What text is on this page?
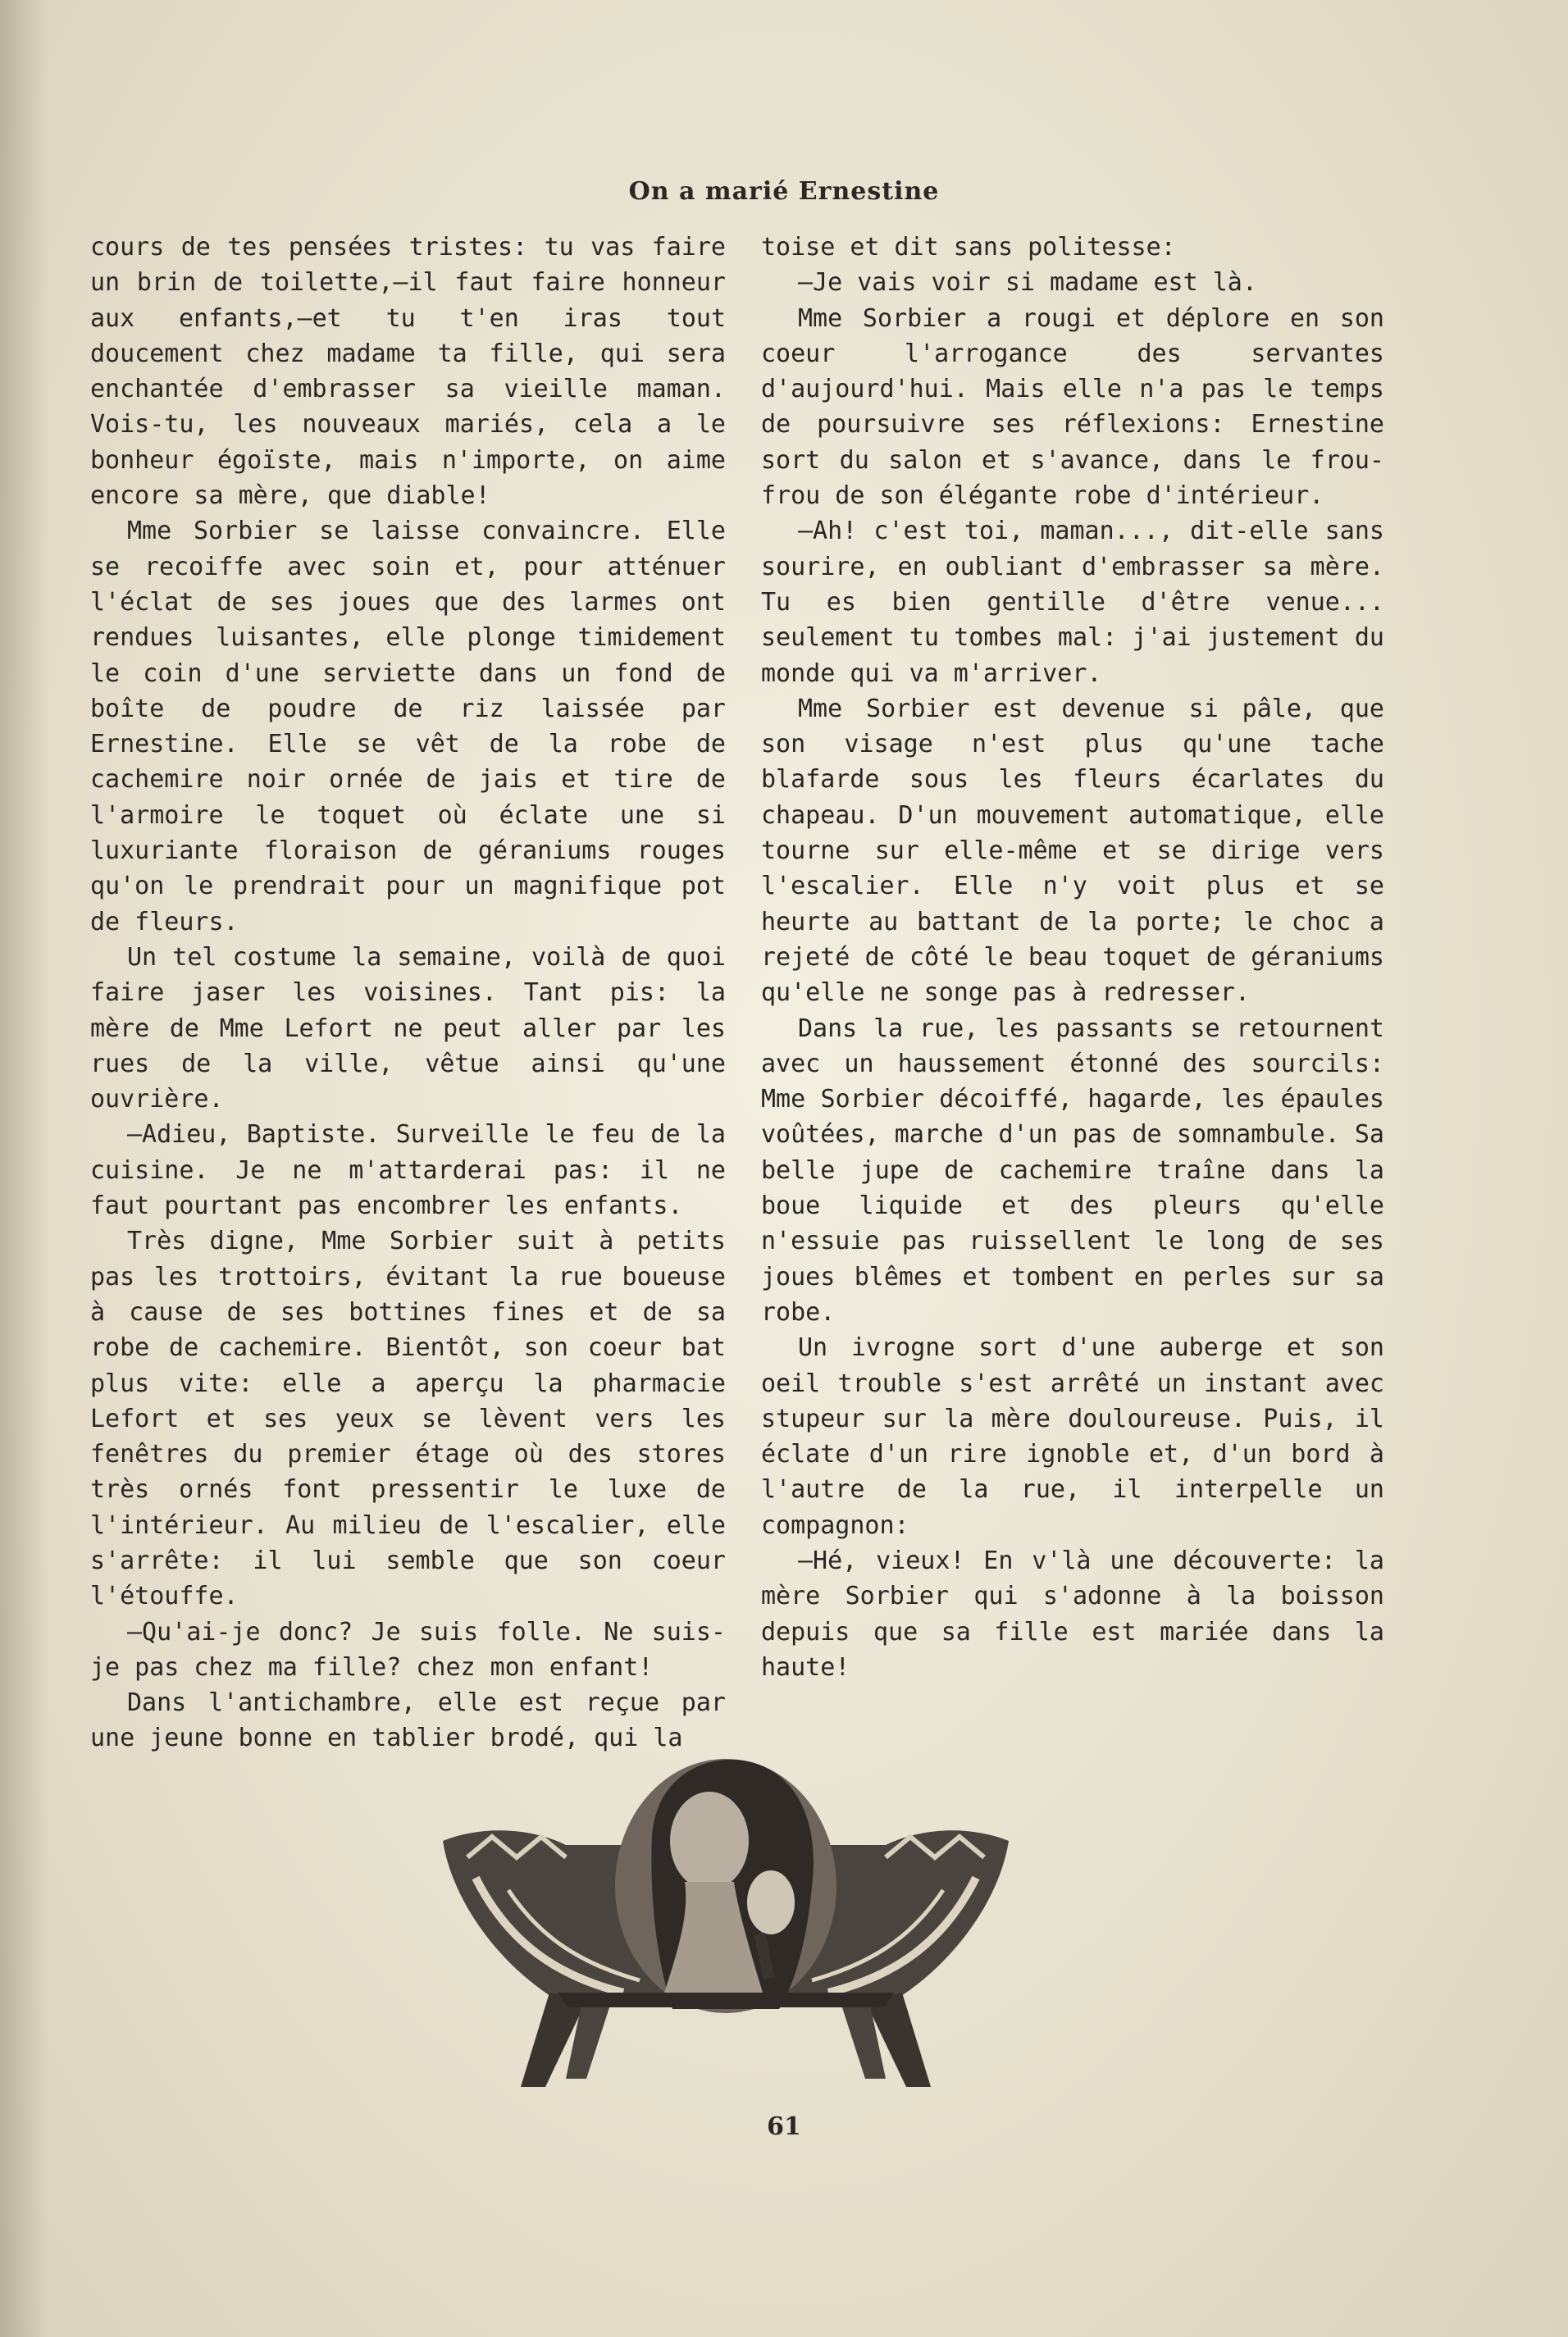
On a marié Ernestine

cours de tes pensées tristes: tu vas faire un brin de toilette,—il faut faire honneur aux enfants,—et tu t'en iras tout doucement chez madame ta fille, qui sera enchantée d'embrasser sa vieille maman. Vois-tu, les nouveaux mariés, cela a le bonheur égoïste, mais n'importe, on aime encore sa mère, que diable!

Mme Sorbier se laisse convaincre. Elle se recoiffe avec soin et, pour atténuer l'éclat de ses joues que des larmes ont rendues luisantes, elle plonge timidement le coin d'une serviette dans un fond de boîte de poudre de riz laissée par Ernestine. Elle se vêt de la robe de cachemire noir ornée de jais et tire de l'armoire le toquet où éclate une si luxuriante floraison de géraniums rouges qu'on le prendrait pour un magnifique pot de fleurs.

Un tel costume la semaine, voilà de quoi faire jaser les voisines. Tant pis: la mère de Mme Lefort ne peut aller par les rues de la ville, vêtue ainsi qu'une ouvrière.

—Adieu, Baptiste. Surveille le feu de la cuisine. Je ne m'attarderai pas: il ne faut pourtant pas encombrer les enfants.

Très digne, Mme Sorbier suit à petits pas les trottoirs, évitant la rue boueuse à cause de ses bottines fines et de sa robe de cachemire. Bientôt, son coeur bat plus vite: elle a aperçu la pharmacie Lefort et ses yeux se lèvent vers les fenêtres du premier étage où des stores très ornés font pressentir le luxe de l'intérieur. Au milieu de l'escalier, elle s'arrête: il lui semble que son coeur l'étouffe.

—Qu'ai-je donc? Je suis folle. Ne suis-je pas chez ma fille? chez mon enfant!

Dans l'antichambre, elle est reçue par une jeune bonne en tablier brodé, qui la

toise et dit sans politesse:

—Je vais voir si madame est là.

Mme Sorbier a rougi et déplore en son coeur l'arrogance des servantes d'aujourd'hui. Mais elle n'a pas le temps de poursuivre ses réflexions: Ernestine sort du salon et s'avance, dans le frou-frou de son élégante robe d'intérieur.

—Ah! c'est toi, maman..., dit-elle sans sourire, en oubliant d'embrasser sa mère. Tu es bien gentille d'être venue... seulement tu tombes mal: j'ai justement du monde qui va m'arriver.

Mme Sorbier est devenue si pâle, que son visage n'est plus qu'une tache blafarde sous les fleurs écarlates du chapeau. D'un mouvement automatique, elle tourne sur elle-même et se dirige vers l'escalier. Elle n'y voit plus et se heurte au battant de la porte; le choc a rejeté de côté le beau toquet de géraniums qu'elle ne songe pas à redresser.

Dans la rue, les passants se retournent avec un haussement étonné des sourcils: Mme Sorbier décoiffé, hagarde, les épaules voûtées, marche d'un pas de somnambule. Sa belle jupe de cachemire traîne dans la boue liquide et des pleurs qu'elle n'essuie pas ruissellent le long de ses joues blêmes et tombent en perles sur sa robe.

Un ivrogne sort d'une auberge et son oeil trouble s'est arrêté un instant avec stupeur sur la mère douloureuse. Puis, il éclate d'un rire ignoble et, d'un bord à l'autre de la rue, il interpelle un compagnon:

—Hé, vieux! En v'là une découverte: la mère Sorbier qui s'adonne à la boisson depuis que sa fille est mariée dans la haute!

61
